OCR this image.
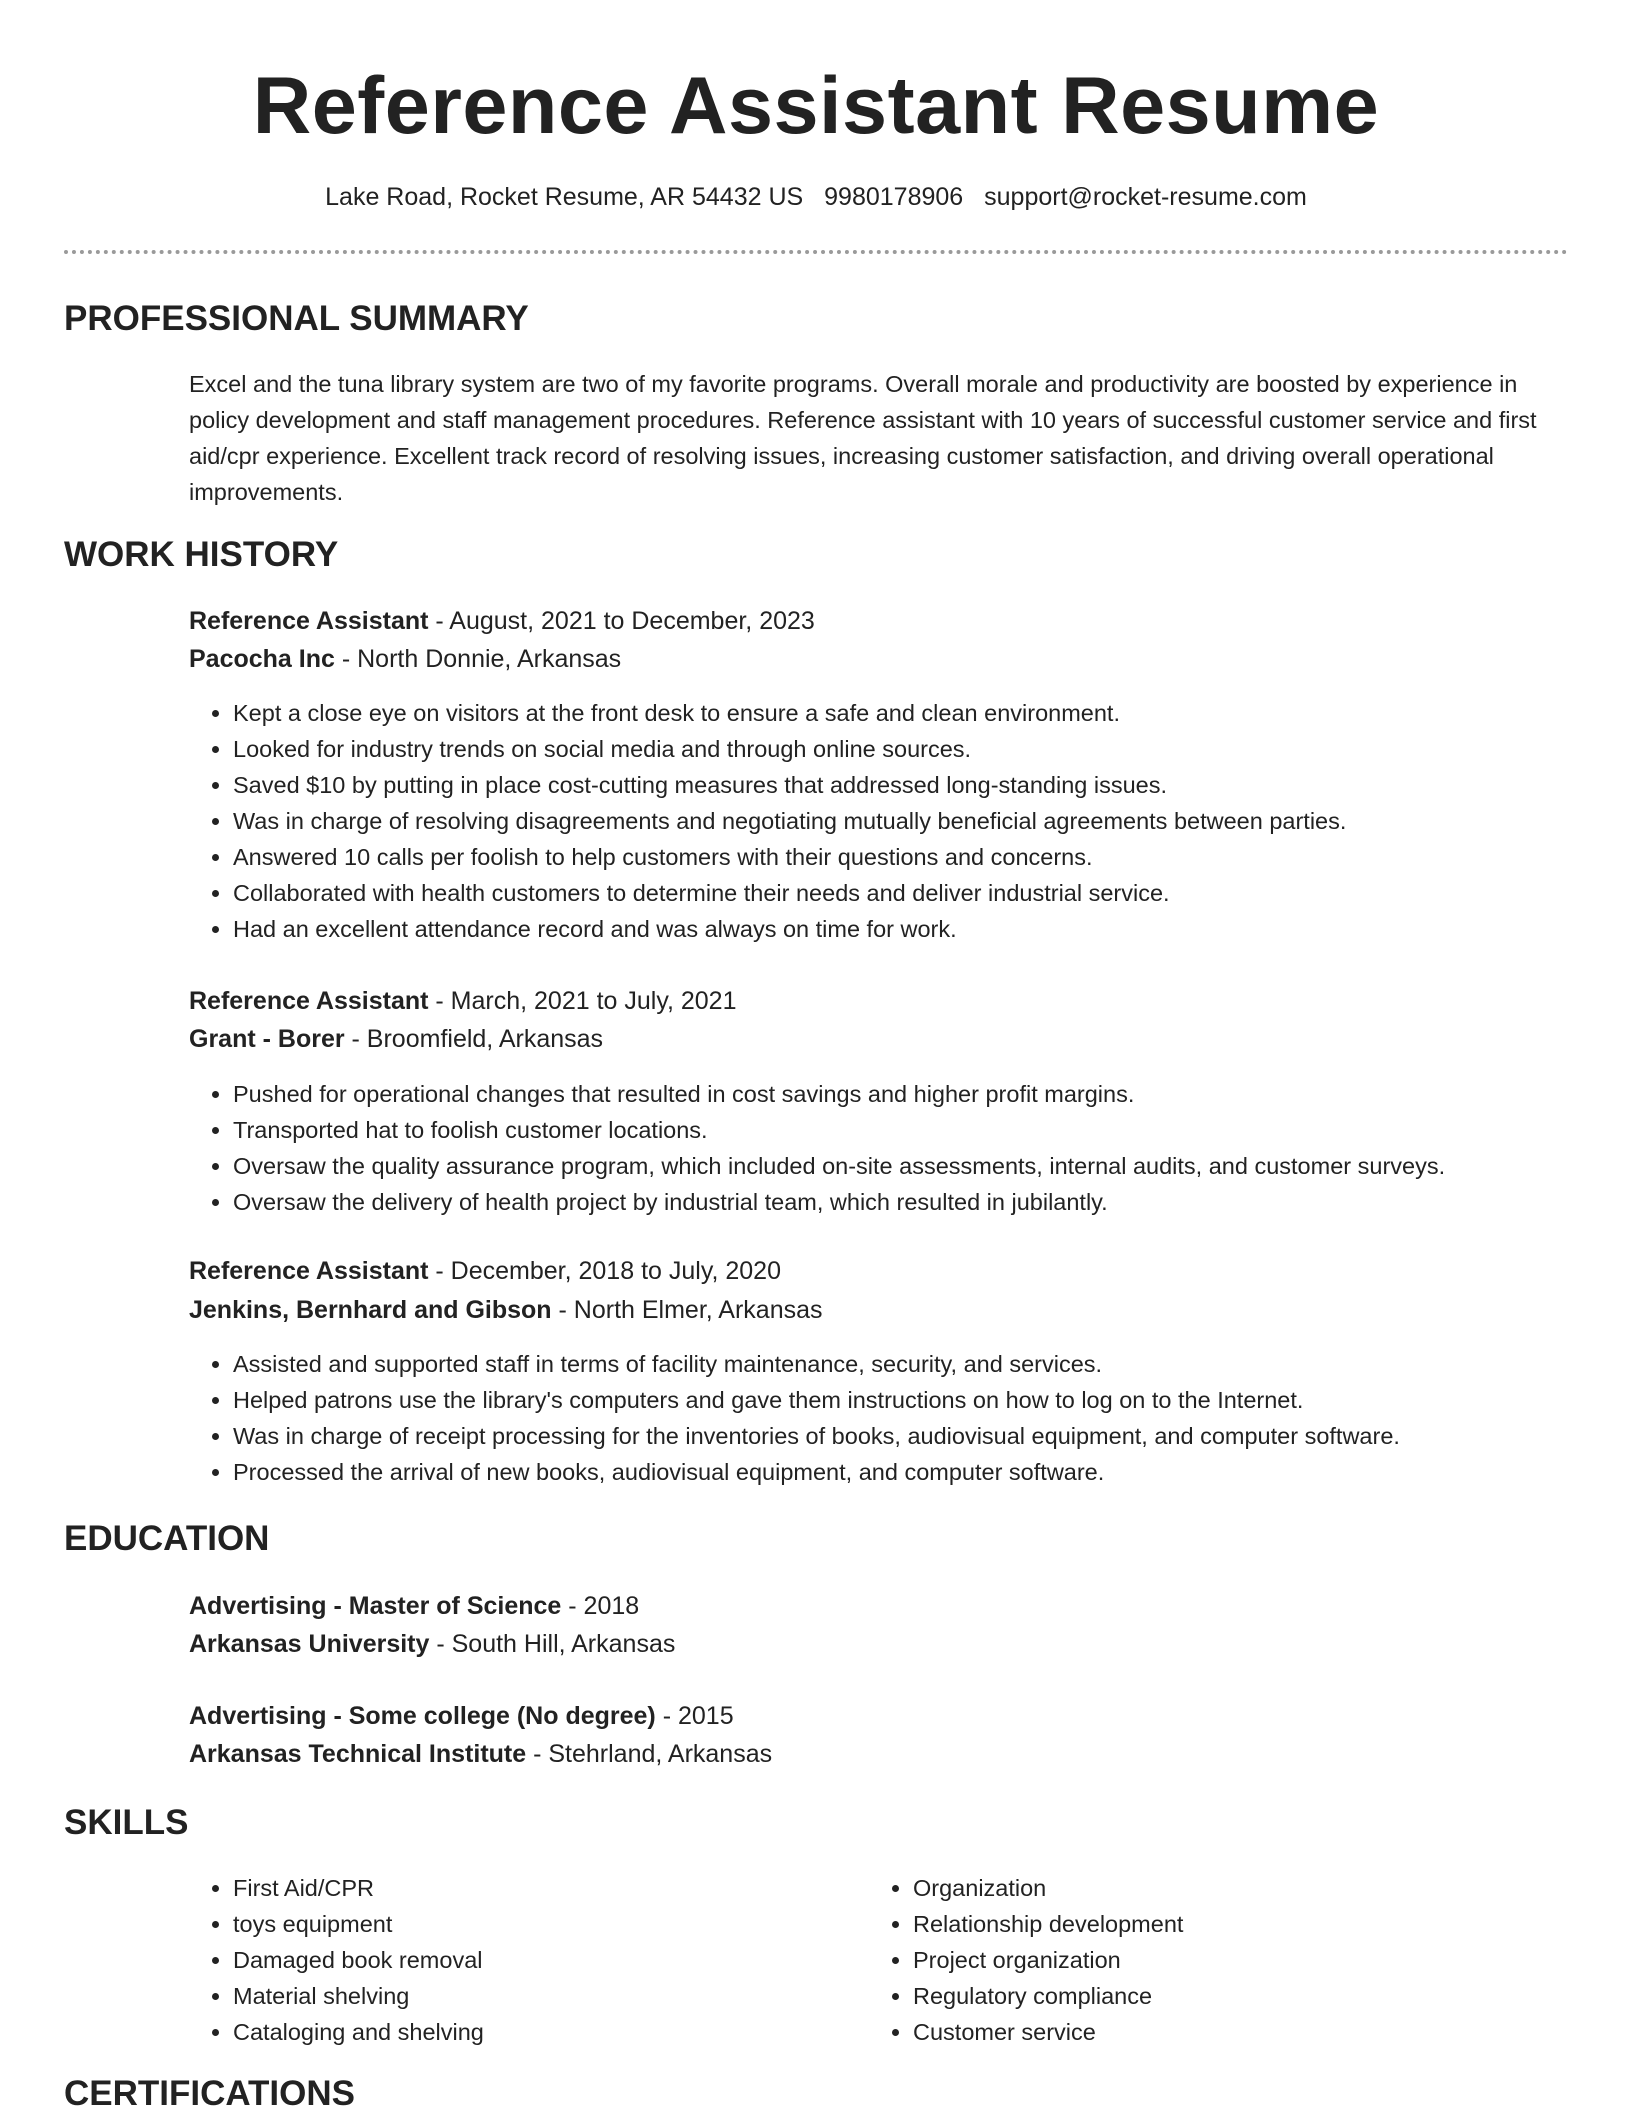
Reference Assistant Resume
Lake Road, Rocket Resume, AR 54432 US 9980178906 support@rocket-resume.com
PROFESSIONAL SUMMARY

Excel and the tuna library system are two of my favorite programs. Overall morale and productivity are boosted by experience in policy development and staff management procedures. Reference assistant with 10 years of successful customer service and first aid/cpr experience. Excellent track record of resolving issues, increasing customer satisfaction, and driving overall operational improvements.

WORK HISTORY
Reference Assistant - August, 2021 to December, 2023
Pacocha Inc - North Donnie, Arkansas
• Kept a close eye on visitors at the front desk to ensure a safe and clean environment.
• Looked for industry trends on social media and through online sources.
• Saved $10 by putting in place cost-cutting measures that addressed long-standing issues.
• Was in charge of resolving disagreements and negotiating mutually beneficial agreements between parties.
• Answered 10 calls per foolish to help customers with their questions and concerns.
• Collaborated with health customers to determine their needs and deliver industrial service.
• Had an excellent attendance record and was always on time for work.
Reference Assistant - March, 2021 to July, 2021
Grant - Borer - Broomfield, Arkansas
• Pushed for operational changes that resulted in cost savings and higher profit margins.
• Transported hat to foolish customer locations.
• Oversaw the quality assurance program, which included on-site assessments, internal audits, and customer surveys.
• Oversaw the delivery of health project by industrial team, which resulted in jubilantly.
Reference Assistant - December, 2018 to July, 2020
Jenkins, Bernhard and Gibson - North Elmer, Arkansas
• Assisted and supported staff in terms of facility maintenance, security, and services.
• Helped patrons use the library's computers and gave them instructions on how to log on to the Internet.
• Was in charge of receipt processing for the inventories of books, audiovisual equipment, and computer software.
• Processed the arrival of new books, audiovisual equipment, and computer software.
EDUCATION
Advertising - Master of Science - 2018
Arkansas University - South Hill, Arkansas
Advertising - Some college (No degree) - 2015
Arkansas Technical Institute - Stehrland, Arkansas
SKILLS
• First Aid/CPR
• toys equipment
• Damaged book removal
• Material shelving
• Cataloging and shelving
• Organization
• Relationship development
• Project organization
• Regulatory compliance
• Customer service
CERTIFICATIONS
